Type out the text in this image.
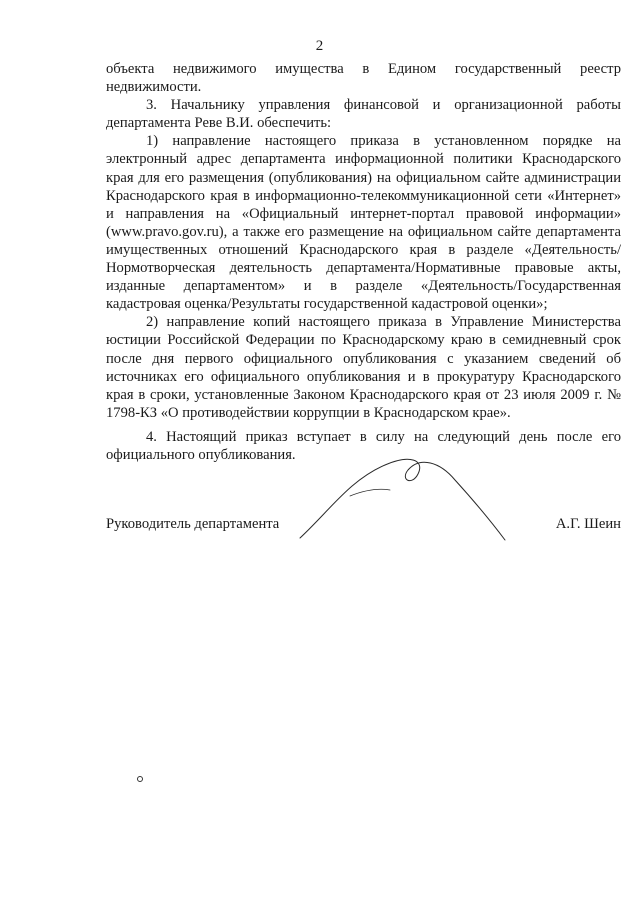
2

объекта недвижимого имущества в Едином государственный реестр недвижимости.

3. Начальнику управления финансовой и организационной работы департамента Реве В.И. обеспечить:

1) направление настоящего приказа в установленном порядке на электронный адрес департамента информационной политики Краснодарского края для его размещения (опубликования) на официальном сайте администрации Краснодарского края в информационно-телекоммуникационной сети «Интернет» и направления на «Официальный интернет-портал правовой информации» (www.pravo.gov.ru), а также его размещение на официальном сайте департамента имущественных отношений Краснодарского края в разделе «Деятельность/Нормотворческая деятельность департамента/Нормативные правовые акты, изданные департаментом» и в разделе «Деятельность/Государственная кадастровая оценка/Результаты государственной кадастровой оценки»;

2) направление копий настоящего приказа в Управление Министерства юстиции Российской Федерации по Краснодарскому краю в семидневный срок после дня первого официального опубликования с указанием сведений об источниках его официального опубликования и в прокуратуру Краснодарского края в сроки, установленные Законом Краснодарского края от 23 июля 2009 г. № 1798-КЗ «О противодействии коррупции в Краснодарском крае».

4. Настоящий приказ вступает в силу на следующий день после его официального опубликования.

Руководитель департамента	А.Г. Шеин
